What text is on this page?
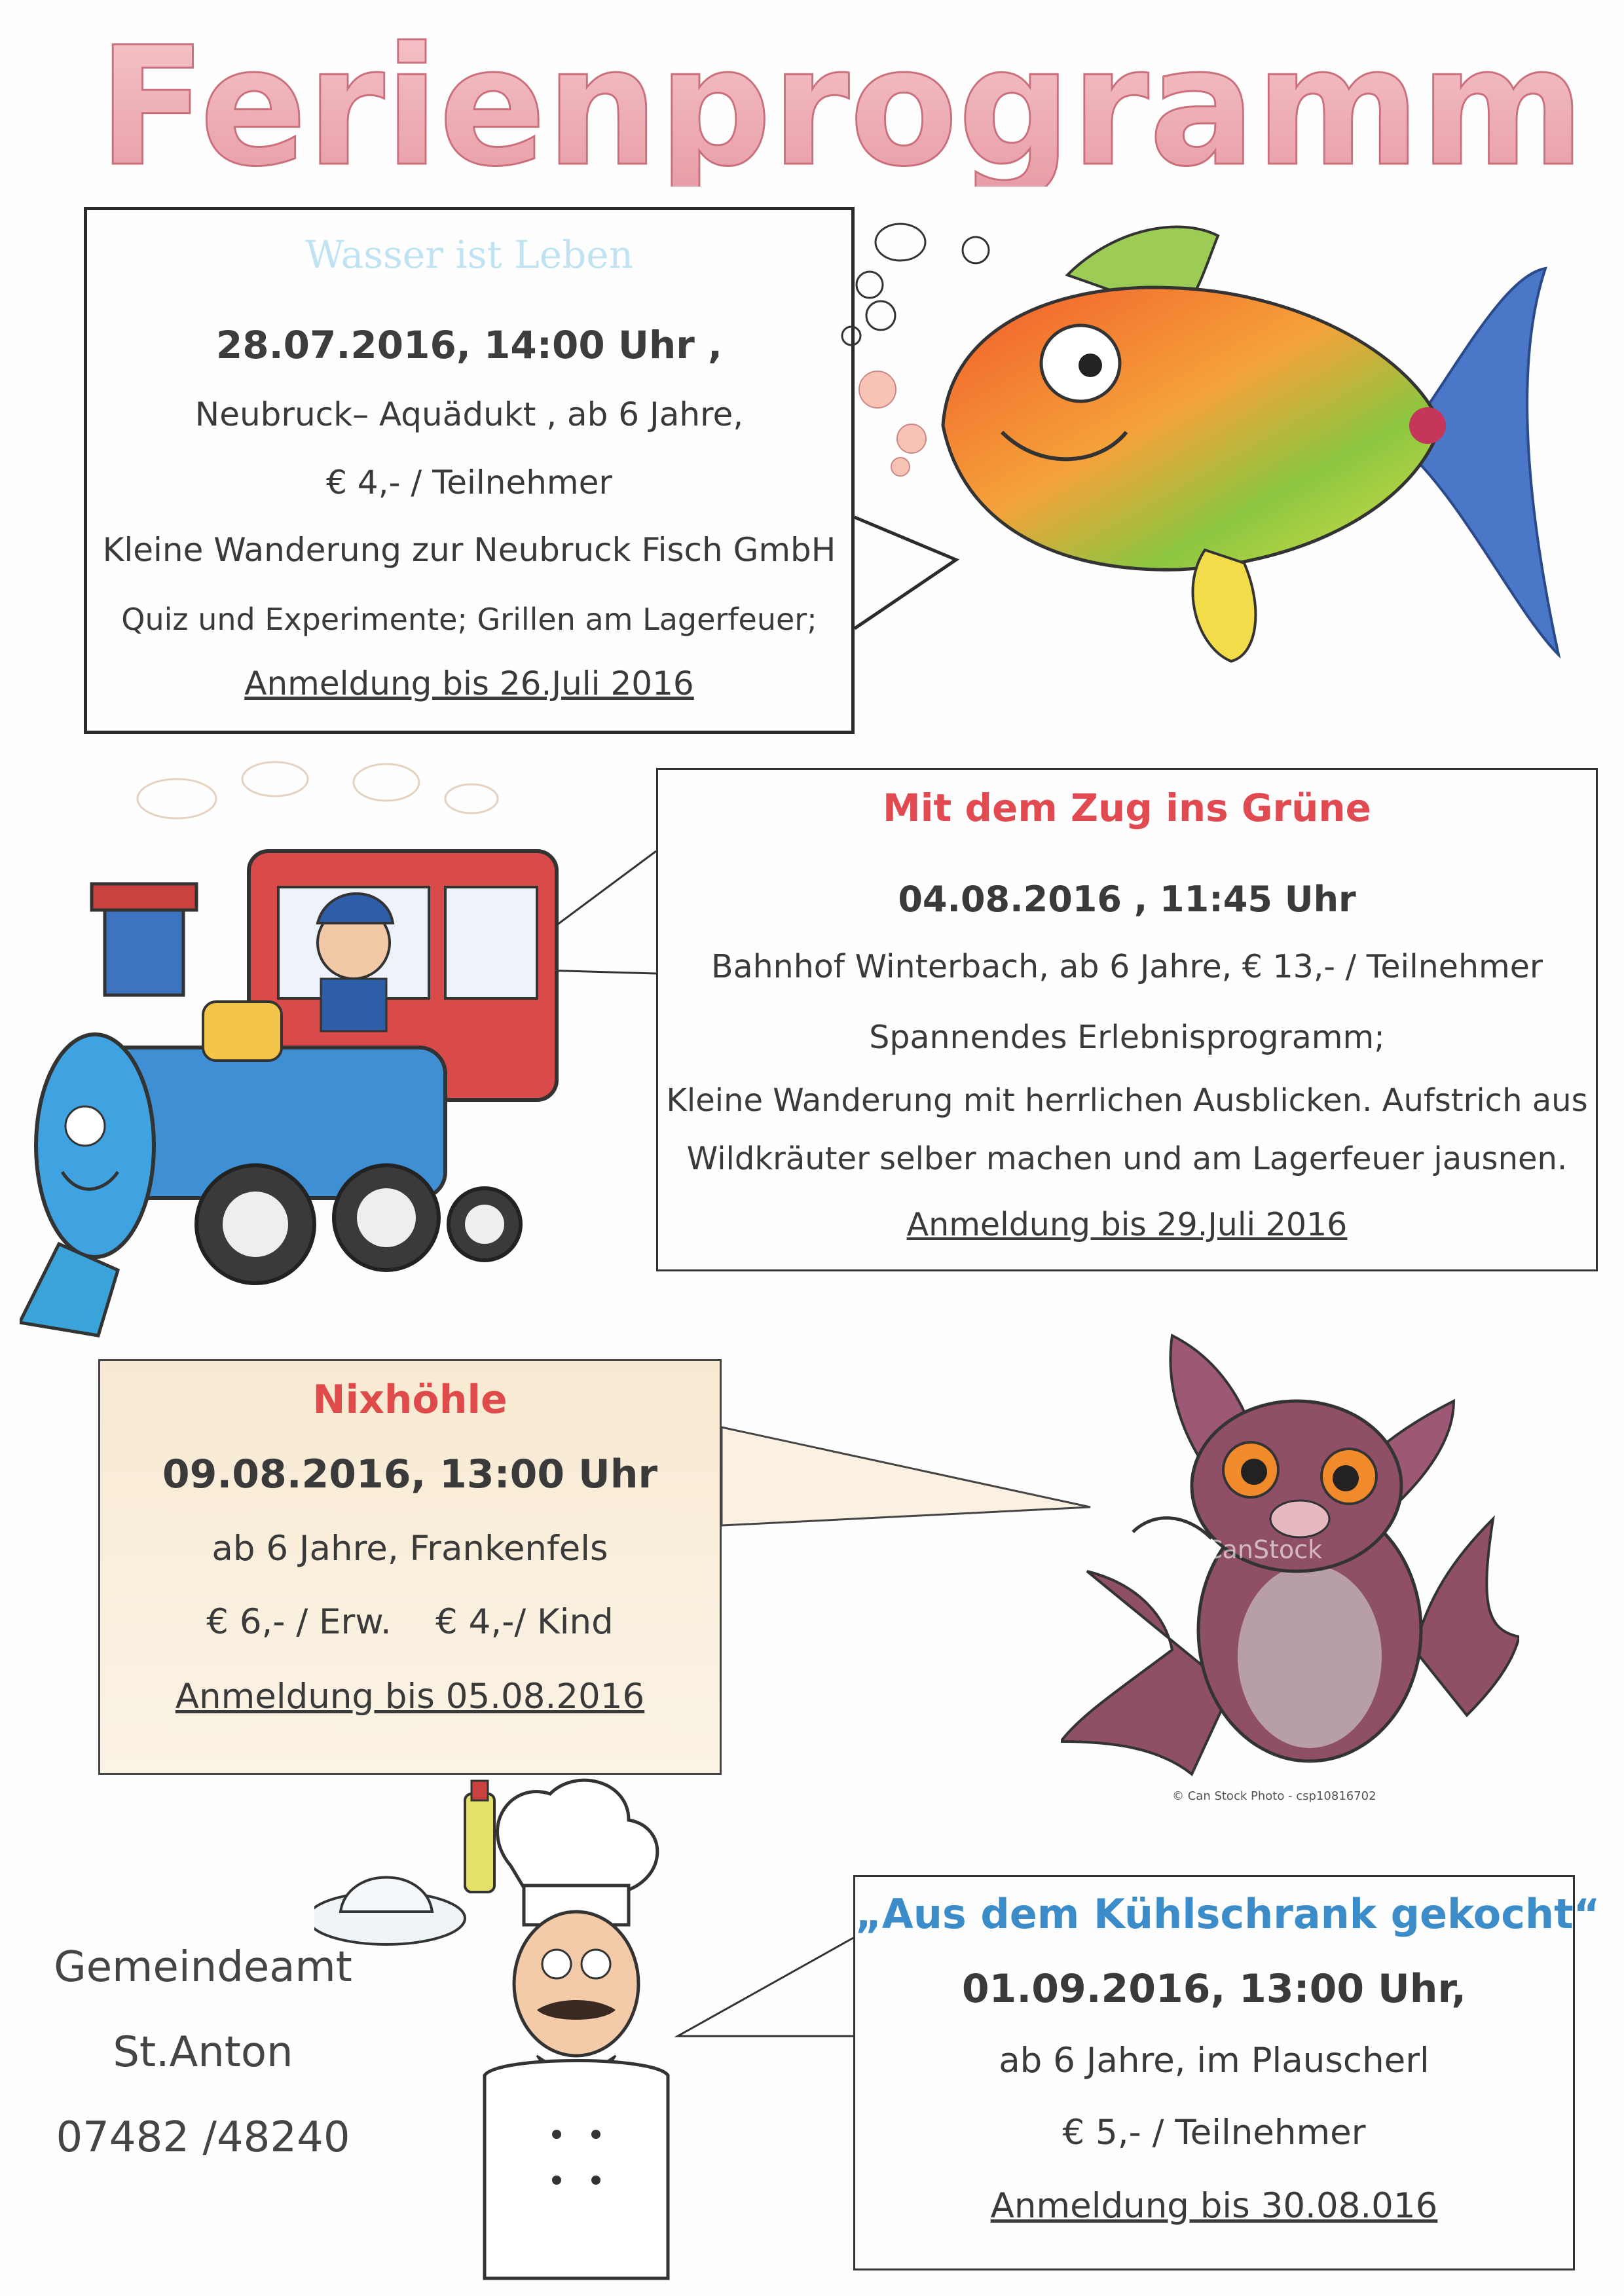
Ferienprogramm
Wasser ist Leben
28.07.2016, 14:00 Uhr ,
Neubruck– Aquädukt , ab 6 Jahre,
€ 4,- / Teilnehmer
Kleine Wanderung zur Neubruck Fisch GmbH
Quiz und Experimente; Grillen am Lagerfeuer;
Anmeldung bis 26.Juli 2016
Mit dem Zug ins Grüne
04.08.2016 , 11:45 Uhr
Bahnhof Winterbach, ab 6 Jahre, € 13,- / Teilnehmer
Spannendes Erlebnisprogramm;
Kleine Wanderung mit herrlichen Ausblicken. Aufstrich aus
Wildkräuter selber machen und am Lagerfeuer jausnen.
Anmeldung bis 29.Juli 2016
Nixhöhle
09.08.2016, 13:00 Uhr
ab 6 Jahre, Frankenfels
€ 6,- / Erw.    € 4,-/ Kind
Anmeldung bis 05.08.2016
„Aus dem Kühlschrank gekocht“
01.09.2016, 13:00 Uhr,
ab 6 Jahre, im Plauscherl
€ 5,- / Teilnehmer
Anmeldung bis 30.08.016
Gemeindeamt
St.Anton
07482 /48240
© CanStock
© Can Stock Photo - csp10816702
